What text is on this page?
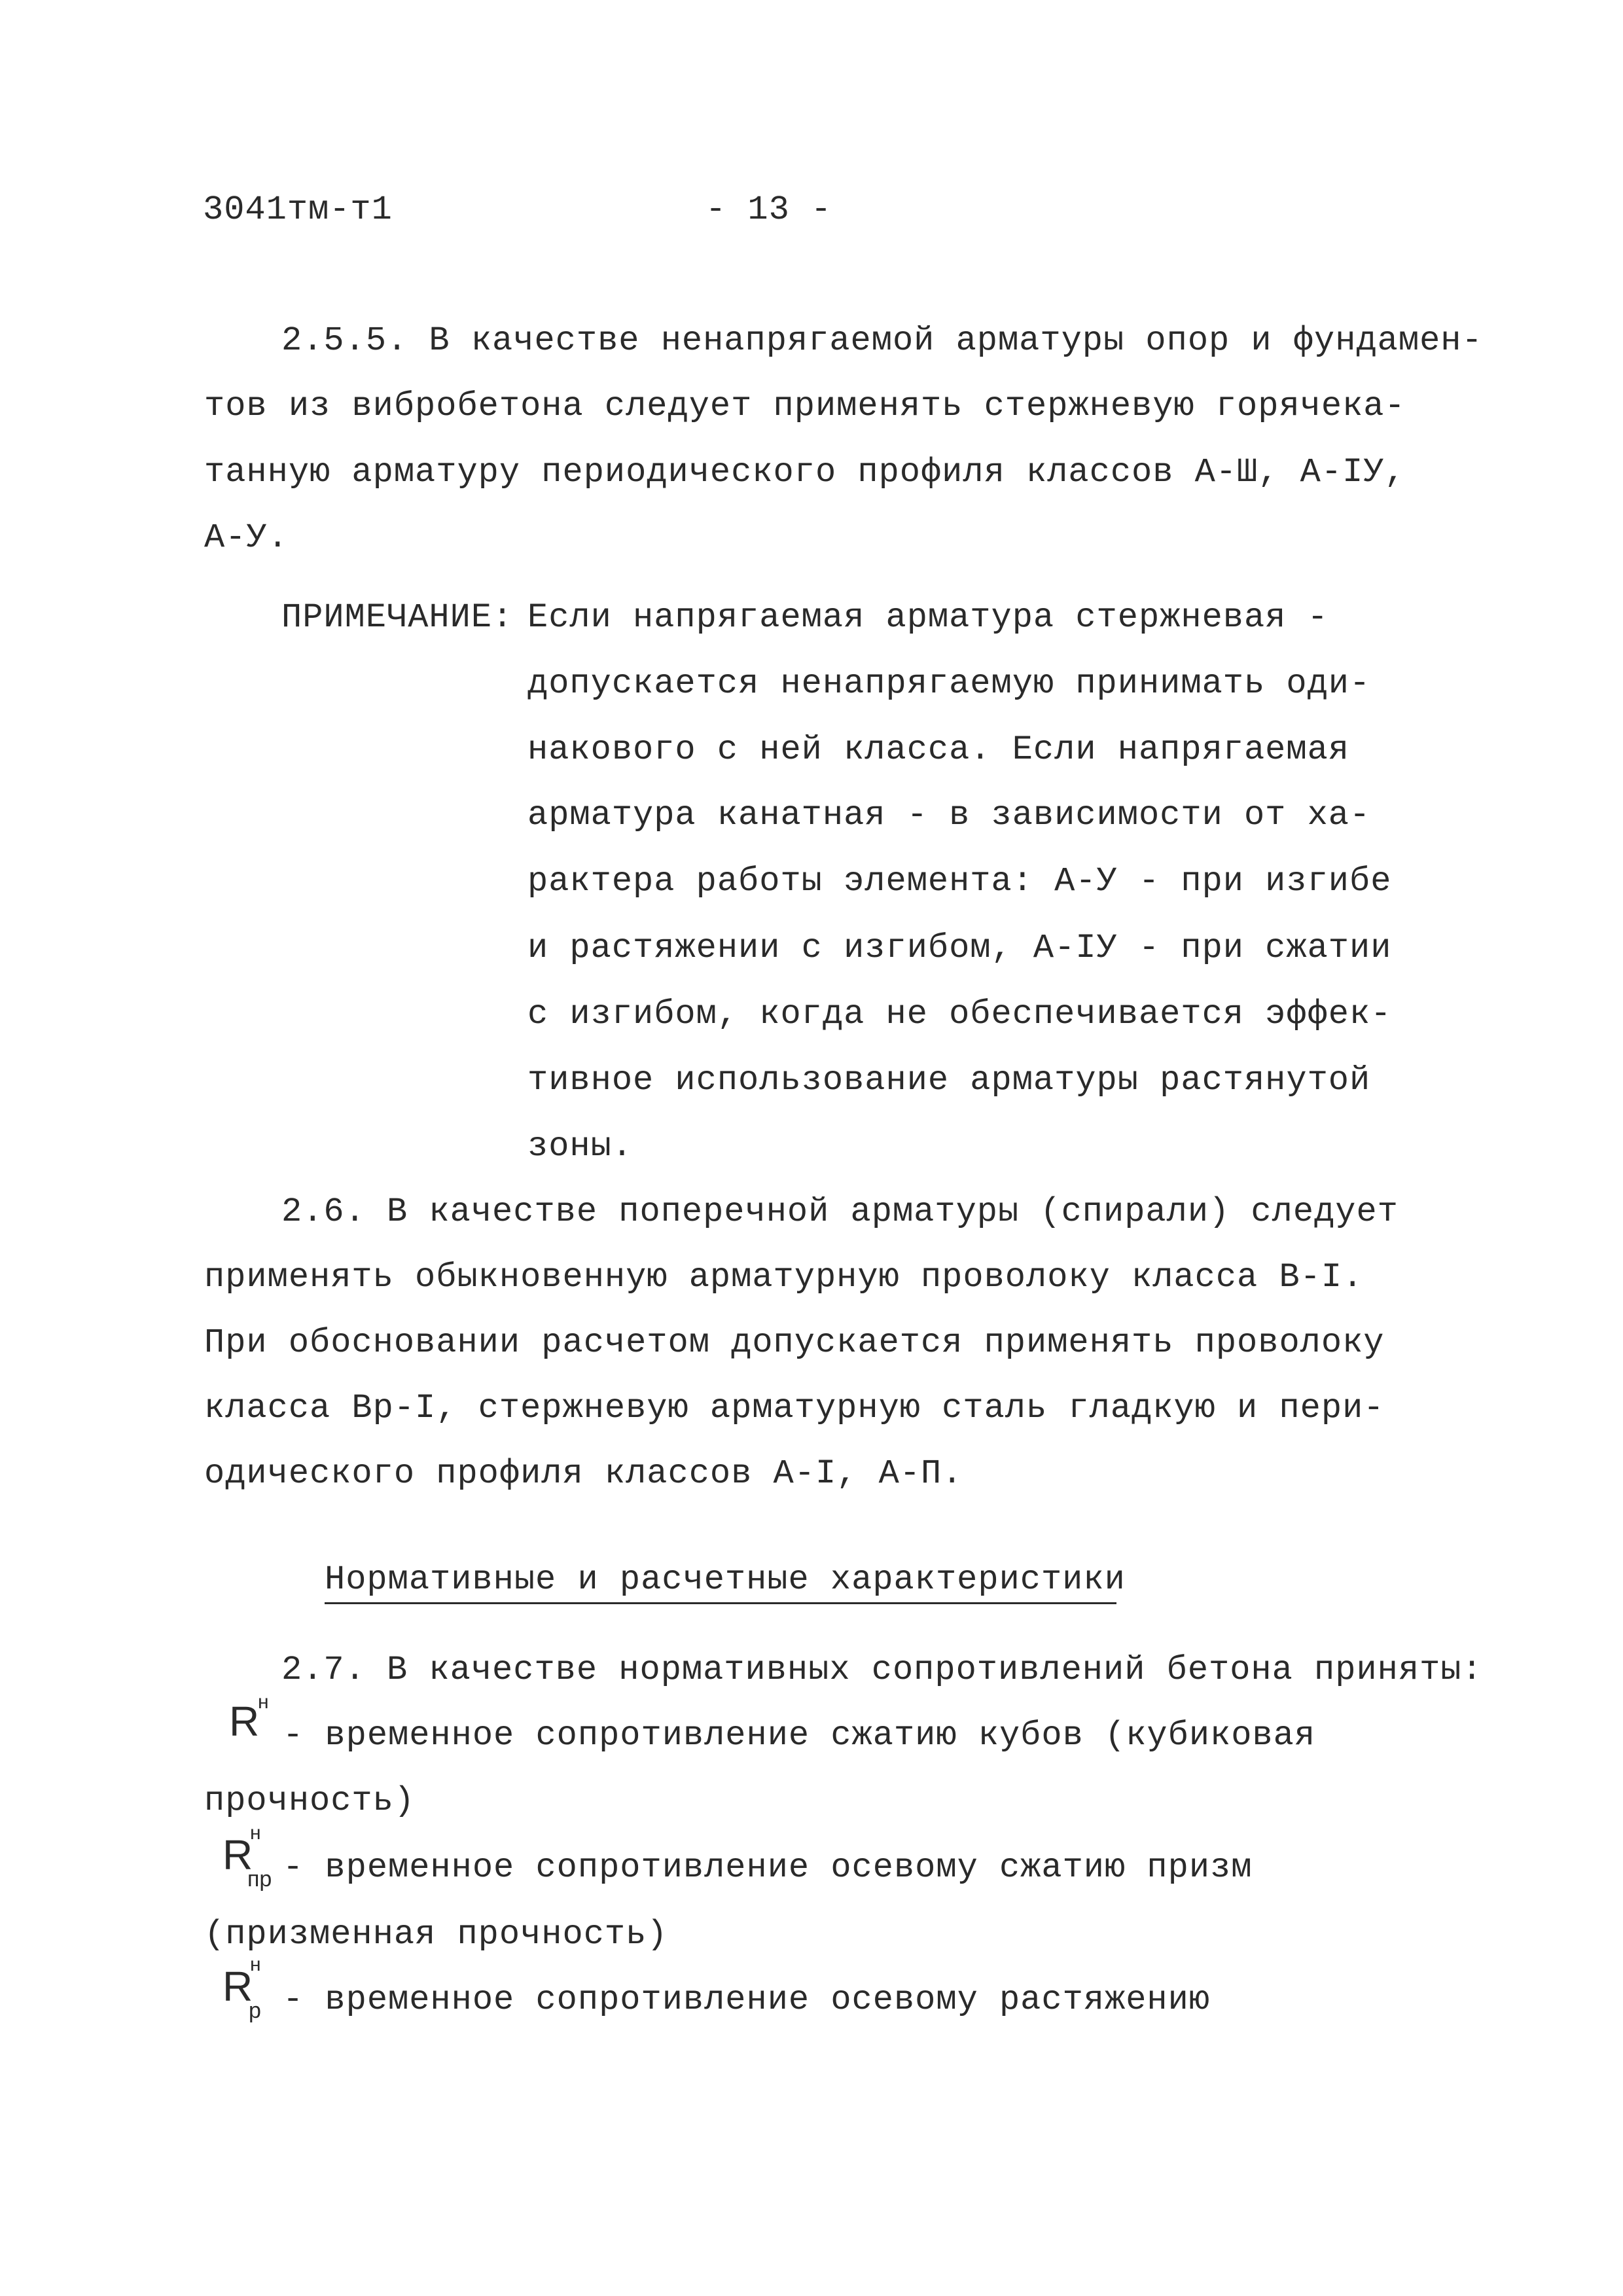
3041тм-т1	- 13 -
2.5.5. В качестве ненапрягаемой арматуры опор и фундамен-
тов из вибробетона следует применять стержневую горячека-
танную арматуру периодического профиля классов А-Ш, А-IУ,
А-У.
ПРИМЕЧАНИЕ: Если напрягаемая арматура стержневая -
допускается ненапрягаемую принимать оди-
накового с ней класса. Если напрягаемая
арматура канатная - в зависимости от ха-
рактера работы элемента: А-У - при изгибе
и растяжении с изгибом, А-IУ - при сжатии
с изгибом, когда не обеспечивается эффек-
тивное использование арматуры растянутой
зоны.
2.6. В качестве поперечной арматуры (спирали) следует
применять обыкновенную арматурную проволоку класса В-I.
При обосновании расчетом допускается применять проволоку
класса Вр-I, стержневую арматурную сталь гладкую и пери-
одического профиля классов А-I, А-П.
Нормативные и расчетные характеристики
2.7. В качестве нормативных сопротивлений бетона приняты:
R
н
- временное сопротивление сжатию кубов (кубиковая
прочность)
R
н
пр - временное сопротивление осевому сжатию призм
(призменная прочность)
R
н
р - временное сопротивление осевому растяжению
